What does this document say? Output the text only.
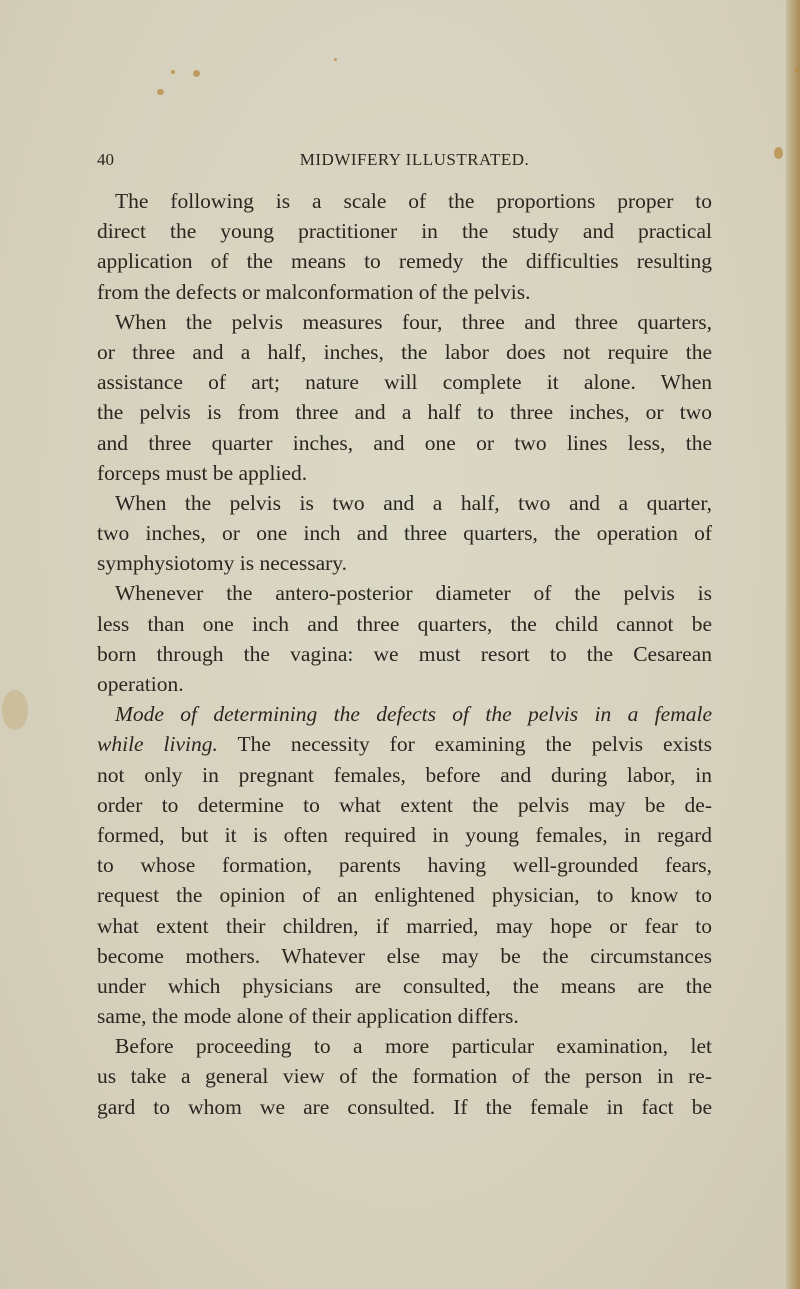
40	MIDWIFERY ILLUSTRATED.
The following is a scale of the proportions proper to
direct the young practitioner in the study and practical
application of the means to remedy the difficulties resulting
from the defects or malconformation of the pelvis.
When the pelvis measures four, three and three quarters,
or three and a half, inches, the labor does not require the
assistance of art; nature will complete it alone. When
the pelvis is from three and a half to three inches, or two
and three quarter inches, and one or two lines less, the
forceps must be applied.
When the pelvis is two and a half, two and a quarter,
two inches, or one inch and three quarters, the operation of
symphysiotomy is necessary.
Whenever the antero-posterior diameter of the pelvis is
less than one inch and three quarters, the child cannot be
born through the vagina: we must resort to the Cesarean
operation.
Mode of determining the defects of the pelvis in a female
while living. The necessity for examining the pelvis exists
not only in pregnant females, before and during labor, in
order to determine to what extent the pelvis may be de-
formed, but it is often required in young females, in regard
to whose formation, parents having well-grounded fears,
request the opinion of an enlightened physician, to know to
what extent their children, if married, may hope or fear to
become mothers. Whatever else may be the circumstances
under which physicians are consulted, the means are the
same, the mode alone of their application differs.
Before proceeding to a more particular examination, let
us take a general view of the formation of the person in re-
gard to whom we are consulted. If the female in fact be
